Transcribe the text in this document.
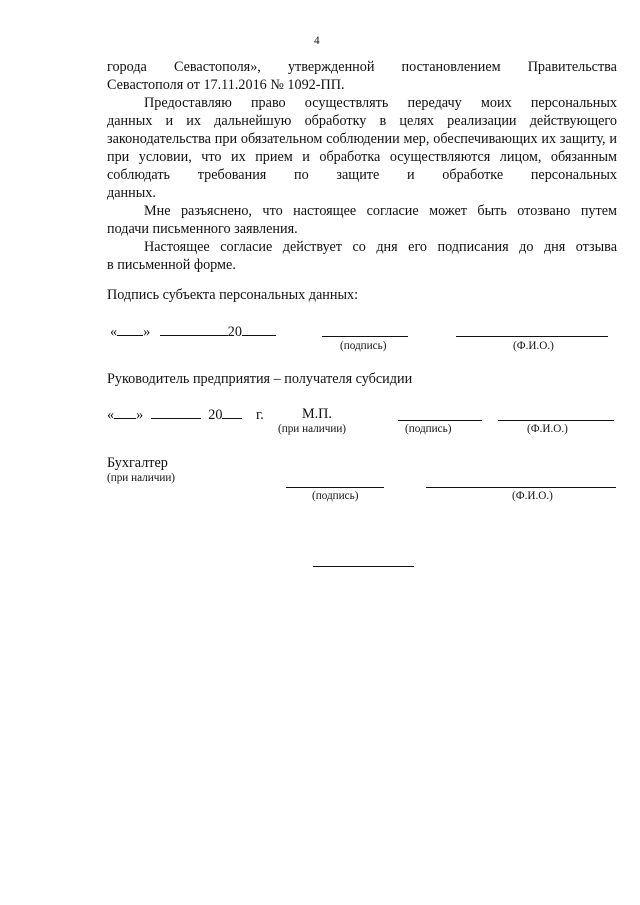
4
города Севастополя», утвержденной постановлением Правительства
Севастополя от 17.11.2016 № 1092-ПП.
Предоставляю право осуществлять передачу моих персональных
данных и их дальнейшую обработку в целях реализации действующего законодательства при обязательном соблюдении мер, обеспечивающих их защиту, и при условии, что их прием и обработка осуществляются лицом, обязанным соблюдать требования по защите и обработке персональных
данных.
Мне разъяснено, что настоящее согласие может быть отозвано путем
подачи письменного заявления.
Настоящее согласие действует со дня его подписания до дня отзыва
в письменной форме.
Подпись субъекта персональных данных:
« »	20
(подпись)	(Ф.И.О.)
Руководитель предприятия – получателя субсидии
« »	20 г.	М.П.
(при наличии)	(подпись)	(Ф.И.О.)
Бухгалтер
(при наличии)
(подпись)	(Ф.И.О.)
